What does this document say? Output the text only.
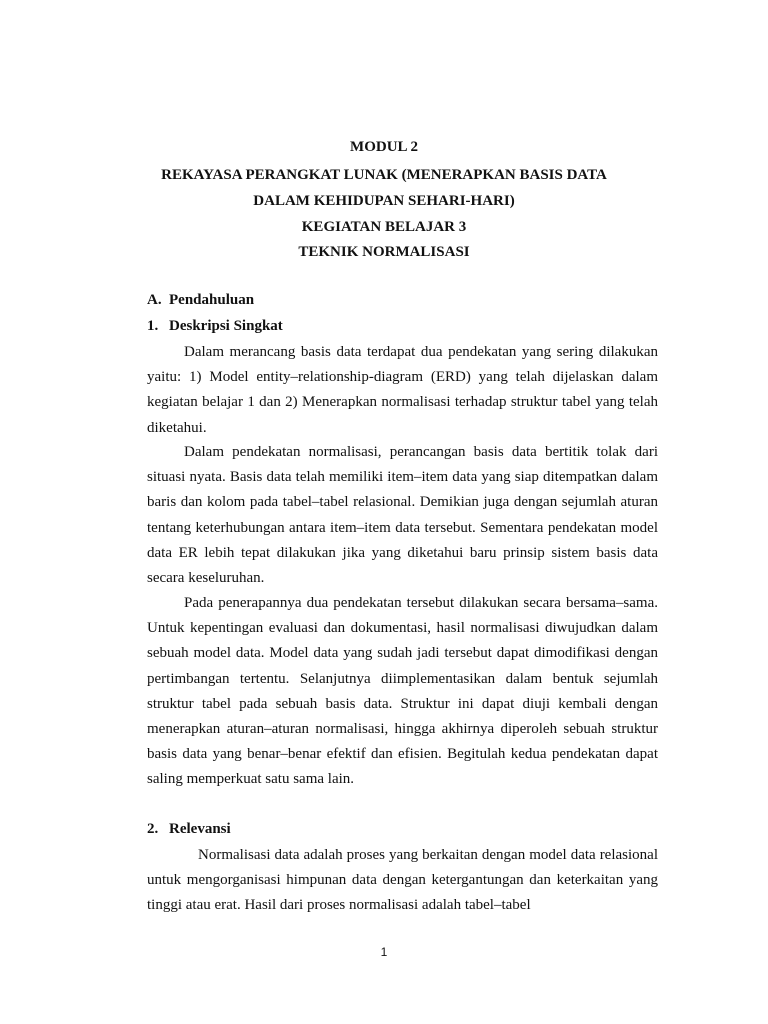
MODUL 2
REKAYASA PERANGKAT LUNAK (MENERAPKAN BASIS DATA
DALAM KEHIDUPAN SEHARI-HARI)
KEGIATAN BELAJAR 3
TEKNIK NORMALISASI
A. Pendahuluan
1. Deskripsi Singkat

Dalam merancang basis data terdapat dua pendekatan yang sering dilakukan yaitu: 1) Model entity–relationship-diagram (ERD) yang telah dijelaskan dalam kegiatan belajar 1 dan 2) Menerapkan normalisasi terhadap struktur tabel yang telah diketahui.

Dalam pendekatan normalisasi, perancangan basis data bertitik tolak dari situasi nyata. Basis data telah memiliki item–item data yang siap ditempatkan dalam baris dan kolom pada tabel–tabel relasional. Demikian juga dengan sejumlah aturan tentang keterhubungan antara item–item data tersebut. Sementara pendekatan model data ER lebih tepat dilakukan jika yang diketahui baru prinsip sistem basis data secara keseluruhan.

Pada penerapannya dua pendekatan tersebut dilakukan secara bersama–sama. Untuk kepentingan evaluasi dan dokumentasi, hasil normalisasi diwujudkan dalam sebuah model data. Model data yang sudah jadi tersebut dapat dimodifikasi dengan pertimbangan tertentu. Selanjutnya diimplementasikan dalam bentuk sejumlah struktur tabel pada sebuah basis data. Struktur ini dapat diuji kembali dengan menerapkan aturan–aturan normalisasi, hingga akhirnya diperoleh sebuah struktur basis data yang benar–benar efektif dan efisien. Begitulah kedua pendekatan dapat saling memperkuat satu sama lain.

2. Relevansi

Normalisasi data adalah proses yang berkaitan dengan model data relasional untuk mengorganisasi himpunan data dengan ketergantungan dan keterkaitan yang tinggi atau erat. Hasil dari proses normalisasi adalah tabel–tabel

1
